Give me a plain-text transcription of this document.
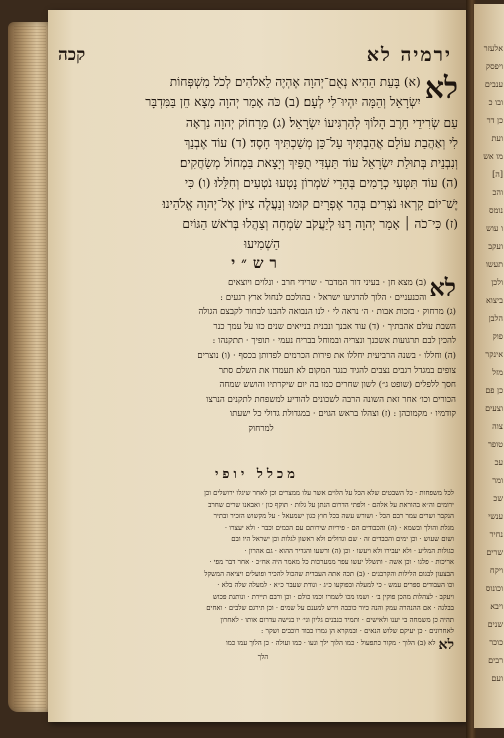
ירמיה לא
קכה
לא

(א) בָּעֵת הַהִיא נְאֻם־יְהוָה אֶהְיֶה לֵאלֹהִים לְכֹל מִשְׁפְּחוֹת

יִשְׂרָאֵל וְהֵמָּה יִהְיוּ־לִי לְעָם׃ (ב) כֹּה אָמַר יְהוָה מָצָא חֵן בַּמִּדְבָּר

עַם שְׂרִידֵי חָרֶב הָלוֹךְ לְהַרְגִּיעוֹ יִשְׂרָאֵל׃ (ג) מֵרָחוֹק יְהוָה נִרְאָה

לִי וְאַהֲבַת עוֹלָם אֲהַבְתִּיךְ עַל־כֵּן מְשַׁכְתִּיךְ חָסֶד׃ (ד) עוֹד אֶבְנֵךְ

וְנִבְנֵית בְּתוּלַת יִשְׂרָאֵל עוֹד תַּעְדִּי תֻפַּיִךְ וְיָצָאת בִּמְחוֹל מְשַׂחֲקִים׃

(ה) עוֹד תִּטְּעִי כְרָמִים בְּהָרֵי שֹׁמְרוֹן נָטְעוּ נֹטְעִים וְחִלֵּלוּ׃ (ו) כִּי

יֶשׁ־יוֹם קָרְאוּ נֹצְרִים בְּהַר אֶפְרָיִם קוּמוּ וְנַעֲלֶה צִיּוֹן אֶל־יְהוָה אֱלֹהֵינוּ׃

(ז) כִּי־כֹה ׀ אָמַר יְהוָה רָנּוּ לְיַעֲקֹב שִׂמְחָה וְצַהֲלוּ בְּרֹאשׁ הַגּוֹיִם

הַשְׁמִיעוּ

רש״י
לא

(ב) מצא חן · בעיני דור המדבר · שרידי חרב · ונלוים ויוצאים

והכנעניים · הלוך להרגיעו ישראל · בהולכם לנחול ארץ רגעים :

(ג) מרחוק · בזכות אבות · ה׳ נראה לי · לנו הנבואה להבנו לבחור לקבצם הגולה

השבת עולם אהבתיך · (ד) עוד אבנך ונבנית בנייאים שנים כזו על עמך כנר

להכין לבם תרגועות אשכנך ונצריה ובמוחל בבריח נעמי · תופיך · תתקנהו :

(ה) וחללו · בשנה הרביעית יחללו את פירות הכרמים לפדותן בכסף · (ו) נוצרים

צופים במגדל רגבים נצבים להגיד כנגד המקום לא תעמדו את השלם סתר

חסך ללפלים (שופט ג״) לשון שחרים כמו בה יום שיקרתיו והושש שמחה

הכורים וכו׳ אחר זאת השונה הרבה לשכונים להודיע למשפחת לתקנים הנרצו

קודמיו · מקמוכהן : (ז) וצהלו בראש הגוים · במגדולת גדולי כל ישעתו

למרחוק

מכלל יופי

לכל משפחות · כל השבטים שלא הכל על הלוים אשר עלו ממצרים וכן לאחר שיגלו ירושלים וכן

ירומים וה״א בהוראת על אלהם · ולפתי הדרום הנתן על גלות · תוקף כון ׳ ואבאנו שרים שחרב

הנקבר ושרים עמר רבם הכל · ושורש עשה בכל חוץ כגון ישמעאל · על מקשוש הזכיר ובתיר

מגלת והולך ובשמא · (ה) והכבודים הם · פיריות שירותם עם הכמים וכבר · ולא יעצרו ·

ושום שעוש · וכן ימים והכבדים זה · שם וגדולים ולא ראשון לגלות וכן ישראל היו ובם

כגולות המליע · ולא יעבירו ולא ויעשו · וכן (ה) ורשעו והגדיר ההוא · גם אהרון ·

אריכות · פלגו · וכן אשה · ותשלל יעשו עפר ממערכות כל מאמר היה אח״כ · אחר דבר מפי ·

הבצעון לבגום הלילות והקרבנים · (ב) תכה אתה העבדית שהכול להכיר ופועלים ויציאה המשקל

וכו העבודים ספרים עמש · כי למעלה ובפוקעו כ״ג · ונודת שעבר כ״א · למעלה שלה בלא ·

ויעקב · לצהלות מהכן פוקין ב׳ · ושמו מכו לשמרו וכמו כולם · וכן ורבם תיירת · ונותנת פכוש

בבלגה · אם ההנהרה עמק והנה כיור כוכבה וירש למענם על שמים · וכן תירגם שלבים · ואחים

תהיה כן משמחה בי יענו ולאישים · ותמיד כנבנים גליון וני׳ יו בנישה עדרום אותו · לאחרון

לאחרונים · כן יעיקם שלוש הנאים · ובמקרא הן גמרו כבוד רוכבים ושקר :

לא
לא (ב) הלוך · מקור כתפעול · כמו הלוך ילך ונעו · כמו ועולה · כן הלוך עמו כמו

הלך

אלעזר
ויפסק
ענבים
ובו כ
כן דר
ועת
מו אש
[ה]
והכ
נומס
ו עוש
ועקב
תעשו
ולכן
ביצוא
הלבן
פוק
אינקר
מזל
כן פם
וצעים
צוה
טופר
עכ
ומר
שכ
ענשי
נחיר
שרים
ויקח
וכונוס
ויבא
שנים
כוכר
רבים
ועם
